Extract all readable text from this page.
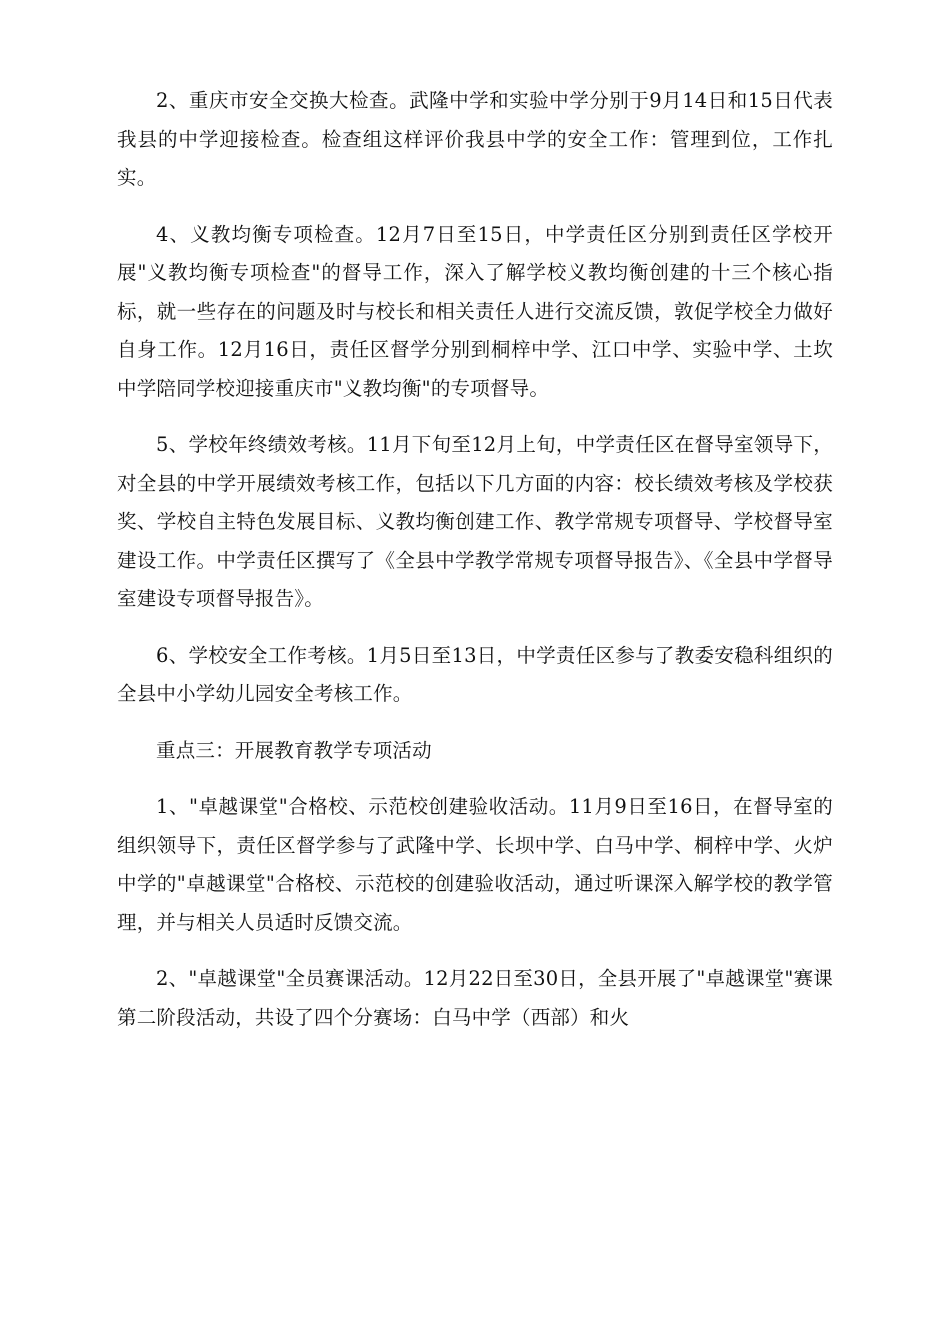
2、重庆市安全交换大检查。武隆中学和实验中学分别于9月14日和15日代表我县的中学迎接检查。检查组这样评价我县中学的安全工作：管理到位，工作扎实。

4、义教均衡专项检查。12月7日至15日，中学责任区分别到责任区学校开展"义教均衡专项检查"的督导工作，深入了解学校义教均衡创建的十三个核心指标，就一些存在的问题及时与校长和相关责任人进行交流反馈，敦促学校全力做好自身工作。12月16日，责任区督学分别到桐梓中学、江口中学、实验中学、土坎中学陪同学校迎接重庆市"义教均衡"的专项督导。

5、学校年终绩效考核。11月下旬至12月上旬，中学责任区在督导室领导下，对全县的中学开展绩效考核工作，包括以下几方面的内容：校长绩效考核及学校获奖、学校自主特色发展目标、义教均衡创建工作、教学常规专项督导、学校督导室建设工作。中学责任区撰写了《全县中学教学常规专项督导报告》、《全县中学督导室建设专项督导报告》。

6、学校安全工作考核。1月5日至13日，中学责任区参与了教委安稳科组织的全县中小学幼儿园安全考核工作。

重点三：开展教育教学专项活动

1、"卓越课堂"合格校、示范校创建验收活动。11月9日至16日，在督导室的组织领导下，责任区督学参与了武隆中学、长坝中学、白马中学、桐梓中学、火炉中学的"卓越课堂"合格校、示范校的创建验收活动，通过听课深入解学校的教学管理，并与相关人员适时反馈交流。

2、"卓越课堂"全员赛课活动。12月22日至30日，全县开展了"卓越课堂"赛课第二阶段活动，共设了四个分赛场：白马中学（西部）和火
